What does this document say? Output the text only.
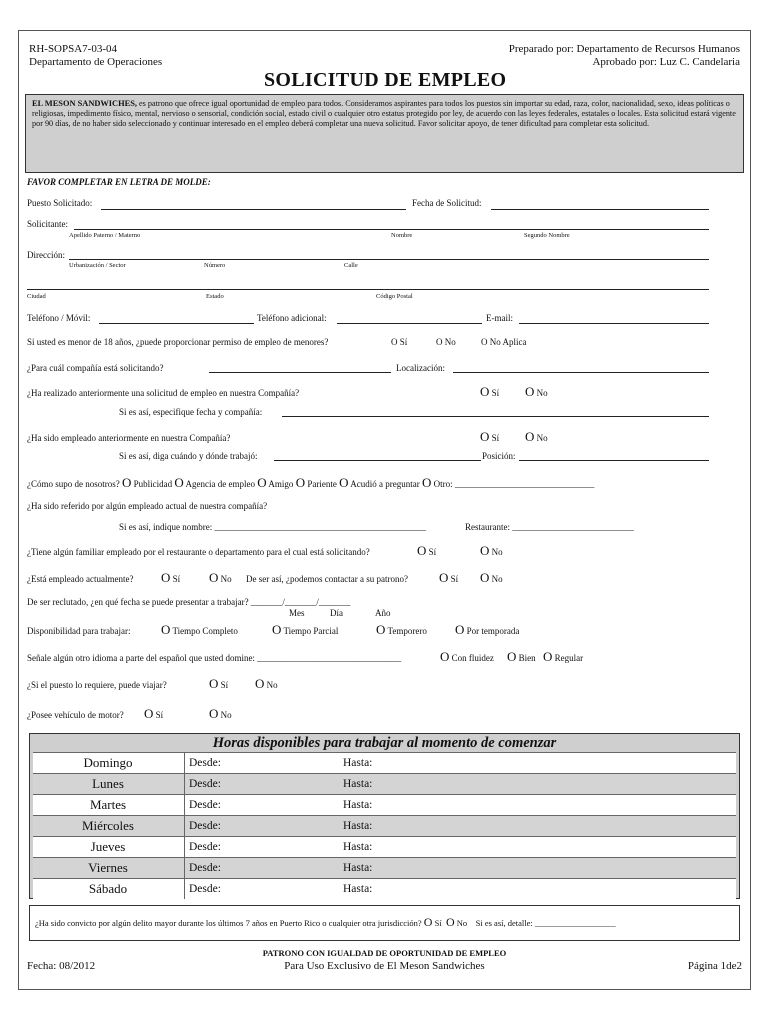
RH-SOPSA7-03-04
Departamento de Operaciones
Preparado por: Departamento de Recursos Humanos
Aprobado por: Luz C. Candelaria
SOLICITUD DE EMPLEO
EL MESON SANDWICHES, es patrono que ofrece igual oportunidad de empleo para todos. Consideramos aspirantes para todos los puestos sin importar su edad, raza, color, nacionalidad, sexo, ideas políticas o religiosas, impedimento físico, mental, nervioso o sensorial, condición social, estado civil o cualquier otro estatus protegido por ley, de acuerdo con las leyes federales, estatales o locales. Esta solicitud estará vigente por 90 días, de no haber sido seleccionado y continuar interesado en el empleo deberá completar una nueva solicitud. Favor solicitar apoyo, de tener dificultad para completar esta solicitud.
FAVOR COMPLETAR EN LETRA DE MOLDE:
Puesto Solicitado:	Fecha de Solicitud:
Solicitante:
Apellido Paterno / Materno	Nombre	Segundo Nombre
Dirección:
Urbanización / Sector	Número	Calle
Ciudad	Estado	Código Postal
Teléfono / Móvil:	Teléfono adicional:	E-mail:
Si usted es menor de 18 años, ¿puede proporcionar permiso de empleo de menores?	O Sí	O No	O No Aplica
¿Para cuál compañía está solicitando?	Localización:
¿Ha realizado anteriormente una solicitud de empleo en nuestra Compañía?	O Sí O No
Si es así, especifique fecha y compañía:
¿Ha sido empleado anteriormente en nuestra Compañía?	O Sí O No
Si es así, diga cuándo y dónde trabajó:	Posición:
¿Cómo supo de nosotros? O Publicidad O Agencia de empleo O Amigo O Pariente O Acudió a preguntar O Otro: _______________________________
¿Ha sido referido por algún empleado actual de nuestra compañía?
Si es así, indique nombre: _______________________________________________	Restaurante: ___________________________
¿Tiene algún familiar empleado por el restaurante o departamento para el cual está solicitando?	O Sí	O No
¿Está empleado actualmente? O Sí O No De ser así, ¿podemos contactar a su patrono? O Sí O No
De ser reclutado, ¿en qué fecha se puede presentar a trabajar? _______/_______/_______
Mes	Día	Año
Disponibilidad para trabajar: O Tiempo Completo	O Tiempo Parcial	O Temporero O Por temporada
Señale algún otro idioma a parte del español que usted domine: ________________________________	O Con fluidez O Bien O Regular
¿Si el puesto lo requiere, puede viajar?	O Sí O No
¿Posee vehículo de motor? O Sí	O No
Horas disponibles para trabajar al momento de comenzar
Domingo	Desde:	Hasta:
Lunes	Desde:	Hasta:
Martes	Desde:	Hasta:
Miércoles	Desde:	Hasta:
Jueves	Desde:	Hasta:
Viernes	Desde:	Hasta:
Sábado	Desde:	Hasta:
¿Ha sido convicto por algún delito mayor durante los últimos 7 años en Puerto Rico o cualquier otra jurisdicción? O Sí O No Si es así, detalle: ___________________
PATRONO CON IGUALDAD DE OPORTUNIDAD DE EMPLEO
Para Uso Exclusivo de El Meson Sandwiches
Fecha: 08/2012	Página 1de2
